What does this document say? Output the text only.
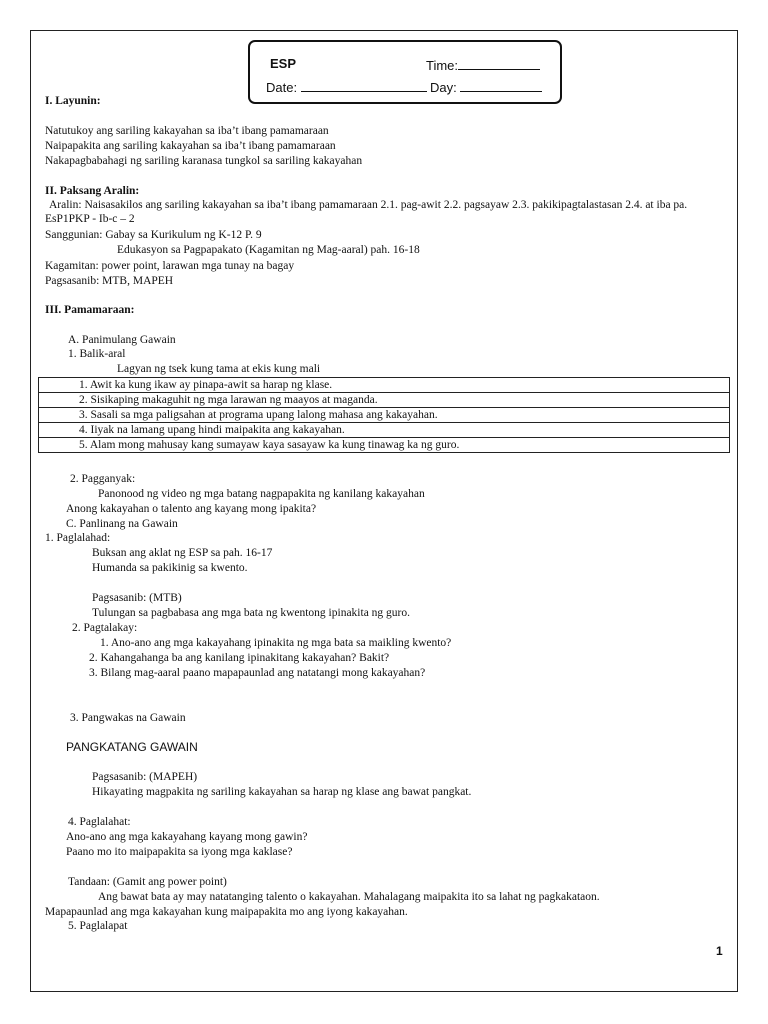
ESP	Time:
Date:	Day:
I. Layunin:
Natutukoy ang sariling kakayahan sa iba’t ibang pamamaraan
Naipapakita ang sariling kakayahan sa iba’t ibang pamamaraan
Nakapagbabahagi ng sariling karanasa tungkol sa sariling kakayahan
II. Paksang Aralin:
Aralin: Naisasakilos ang sariling kakayahan sa iba’t ibang pamamaraan 2.1. pag-awit 2.2. pagsayaw 2.3. pakikipagtalastasan 2.4. at iba pa. EsP1PKP - Ib-c – 2
Sanggunian: Gabay sa Kurikulum ng K-12 P. 9
Edukasyon sa Pagpapakato (Kagamitan ng Mag-aaral) pah. 16-18
Kagamitan: power point, larawan mga tunay na bagay
Pagsasanib: MTB, MAPEH
III. Pamamaraan:
A. Panimulang Gawain
1. Balik-aral
Lagyan ng tsek kung tama at ekis kung mali
1. Awit ka kung ikaw ay pinapa-awit sa harap ng klase.
2. Sisikaping makaguhit ng mga larawan ng maayos at maganda.
3. Sasali sa mga paligsahan at programa upang lalong mahasa ang kakayahan.
4. Iiyak na lamang upang hindi maipakita ang kakayahan.
5. Alam mong mahusay kang sumayaw kaya sasayaw ka kung tinawag ka ng guro.
2. Pagganyak:
Panonood ng video ng mga batang nagpapakita ng kanilang kakayahan
Anong kakayahan o talento ang kayang mong ipakita?
C. Panlinang na Gawain
1. Paglalahad:
Buksan ang aklat ng ESP sa pah. 16-17
Humanda sa pakikinig sa kwento.
Pagsasanib: (MTB)
Tulungan sa pagbabasa ang mga bata ng kwentong ipinakita ng guro.
2. Pagtalakay:
1. Ano-ano ang mga kakayahang ipinakita ng mga bata sa maikling kwento?
2. Kahangahanga ba ang kanilang ipinakitang kakayahan? Bakit?
3. Bilang mag-aaral paano mapapaunlad ang natatangi mong kakayahan?
3. Pangwakas na Gawain
PANGKATANG GAWAIN
Pagsasanib: (MAPEH)
Hikayating magpakita ng sariling kakayahan sa harap ng klase ang bawat pangkat.
4. Paglalahat:
Ano-ano ang mga kakayahang kayang mong gawin?
Paano mo ito maipapakita sa iyong mga kaklase?
Tandaan: (Gamit ang power point)
Ang bawat bata ay may natatanging talento o kakayahan. Mahalagang maipakita ito sa lahat ng pagkakataon.
Mapapaunlad ang mga kakayahan kung maipapakita mo ang iyong kakayahan.
5. Paglalapat
1
